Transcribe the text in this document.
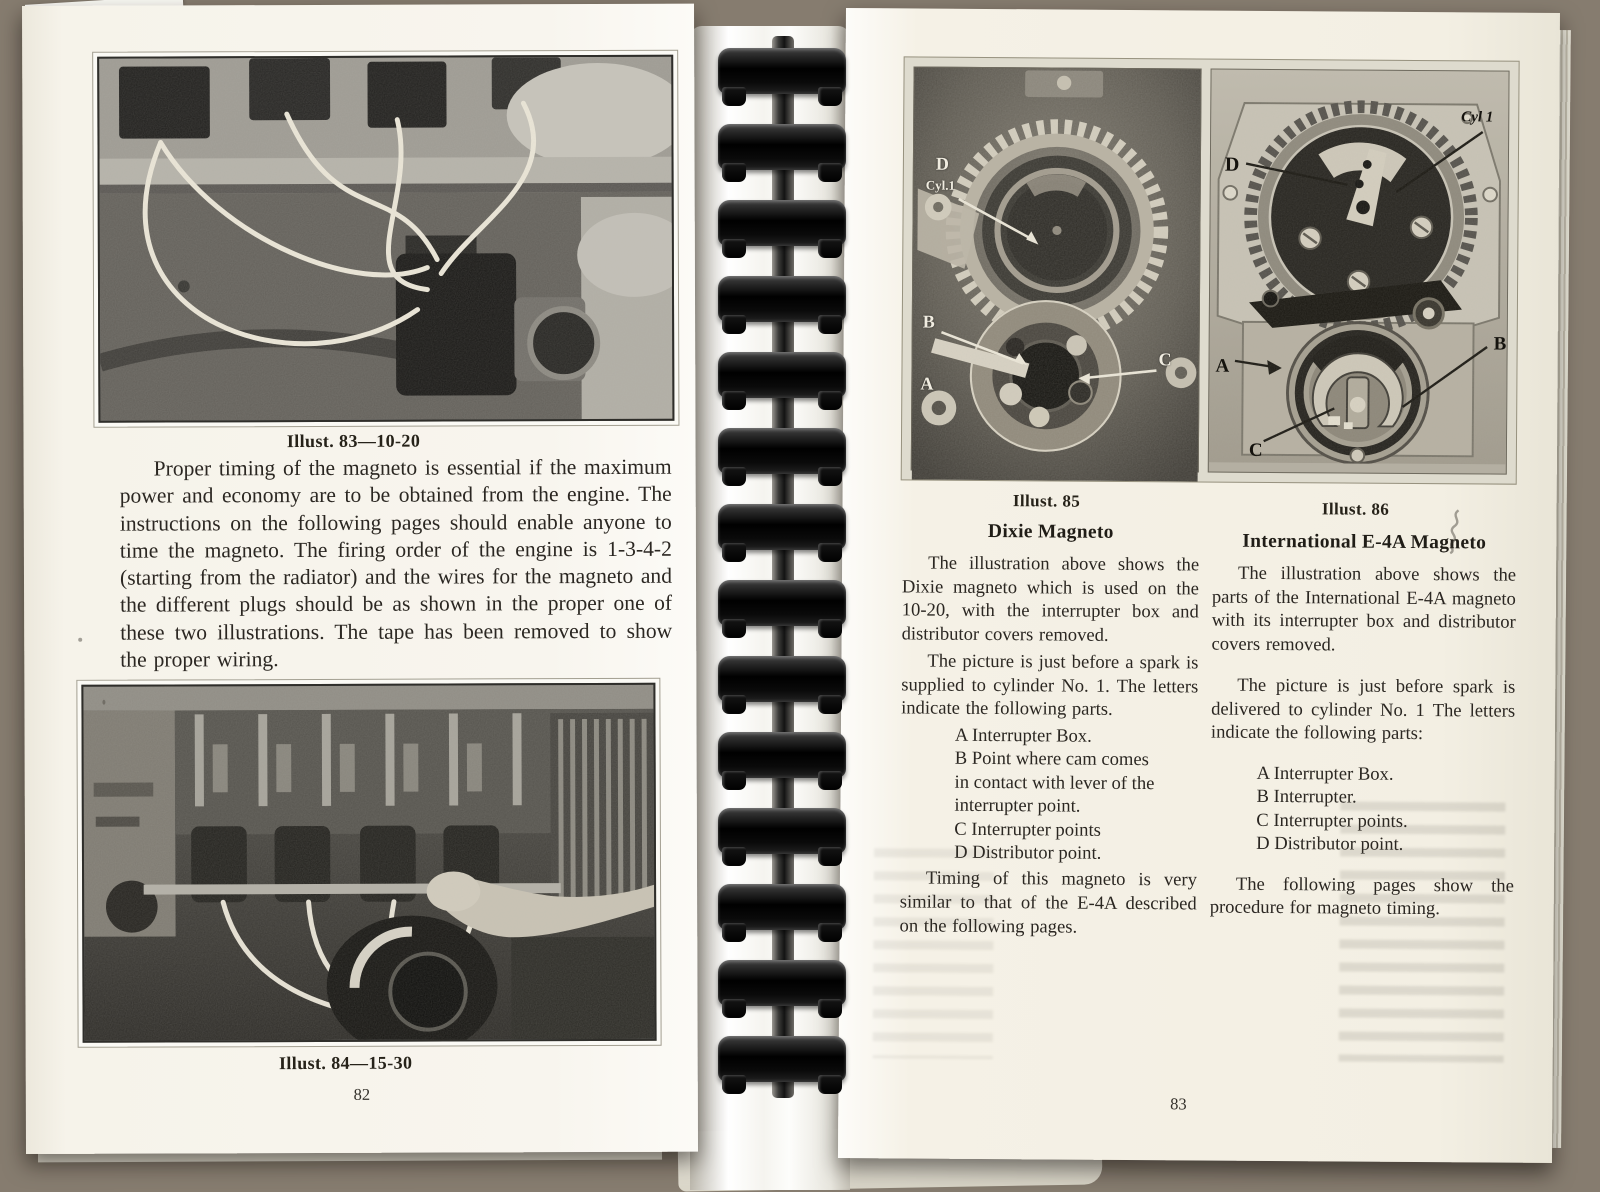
Illust. 83—10-20
Proper timing of the magneto is essential if the maximum power and economy are to be obtained from the engine. The instructions on the following pages should enable anyone to time the magneto. The firing order of the engine is 1-3-4-2 (starting from the radiator) and the wires for the magneto and the different plugs should be as shown in the proper one of these two illustrations. The tape has been removed to show the proper wiring.
Illust. 84—15-30
82
D
Cyl.1
B
A
C
D
Cyl 1
A
B
C
Illust. 85	Illust. 86
Dixie Magneto

The illustration above shows the Dixie magneto which is used on the 10-20, with the interrupter box and distributor covers removed.

The picture is just before a spark is supplied to cylinder No. 1. The letters indicate the following parts.

A Interrupter Box.
B Point where cam comes in contact with lever of the interrupter point.
C Interrupter points
D Distributor point.

Timing of this magneto is very similar to that of the E-4A described on the following pages.

International E-4A Magneto

The illustration above shows the parts of the International E-4A magneto with its interrupter box and distributor covers removed.

The picture is just before spark is delivered to cylinder No. 1 The letters indicate the following parts:

A Interrupter Box.
B Interrupter.
C Interrupter points.
D Distributor point.

The following pages show the procedure for magneto timing.

83
